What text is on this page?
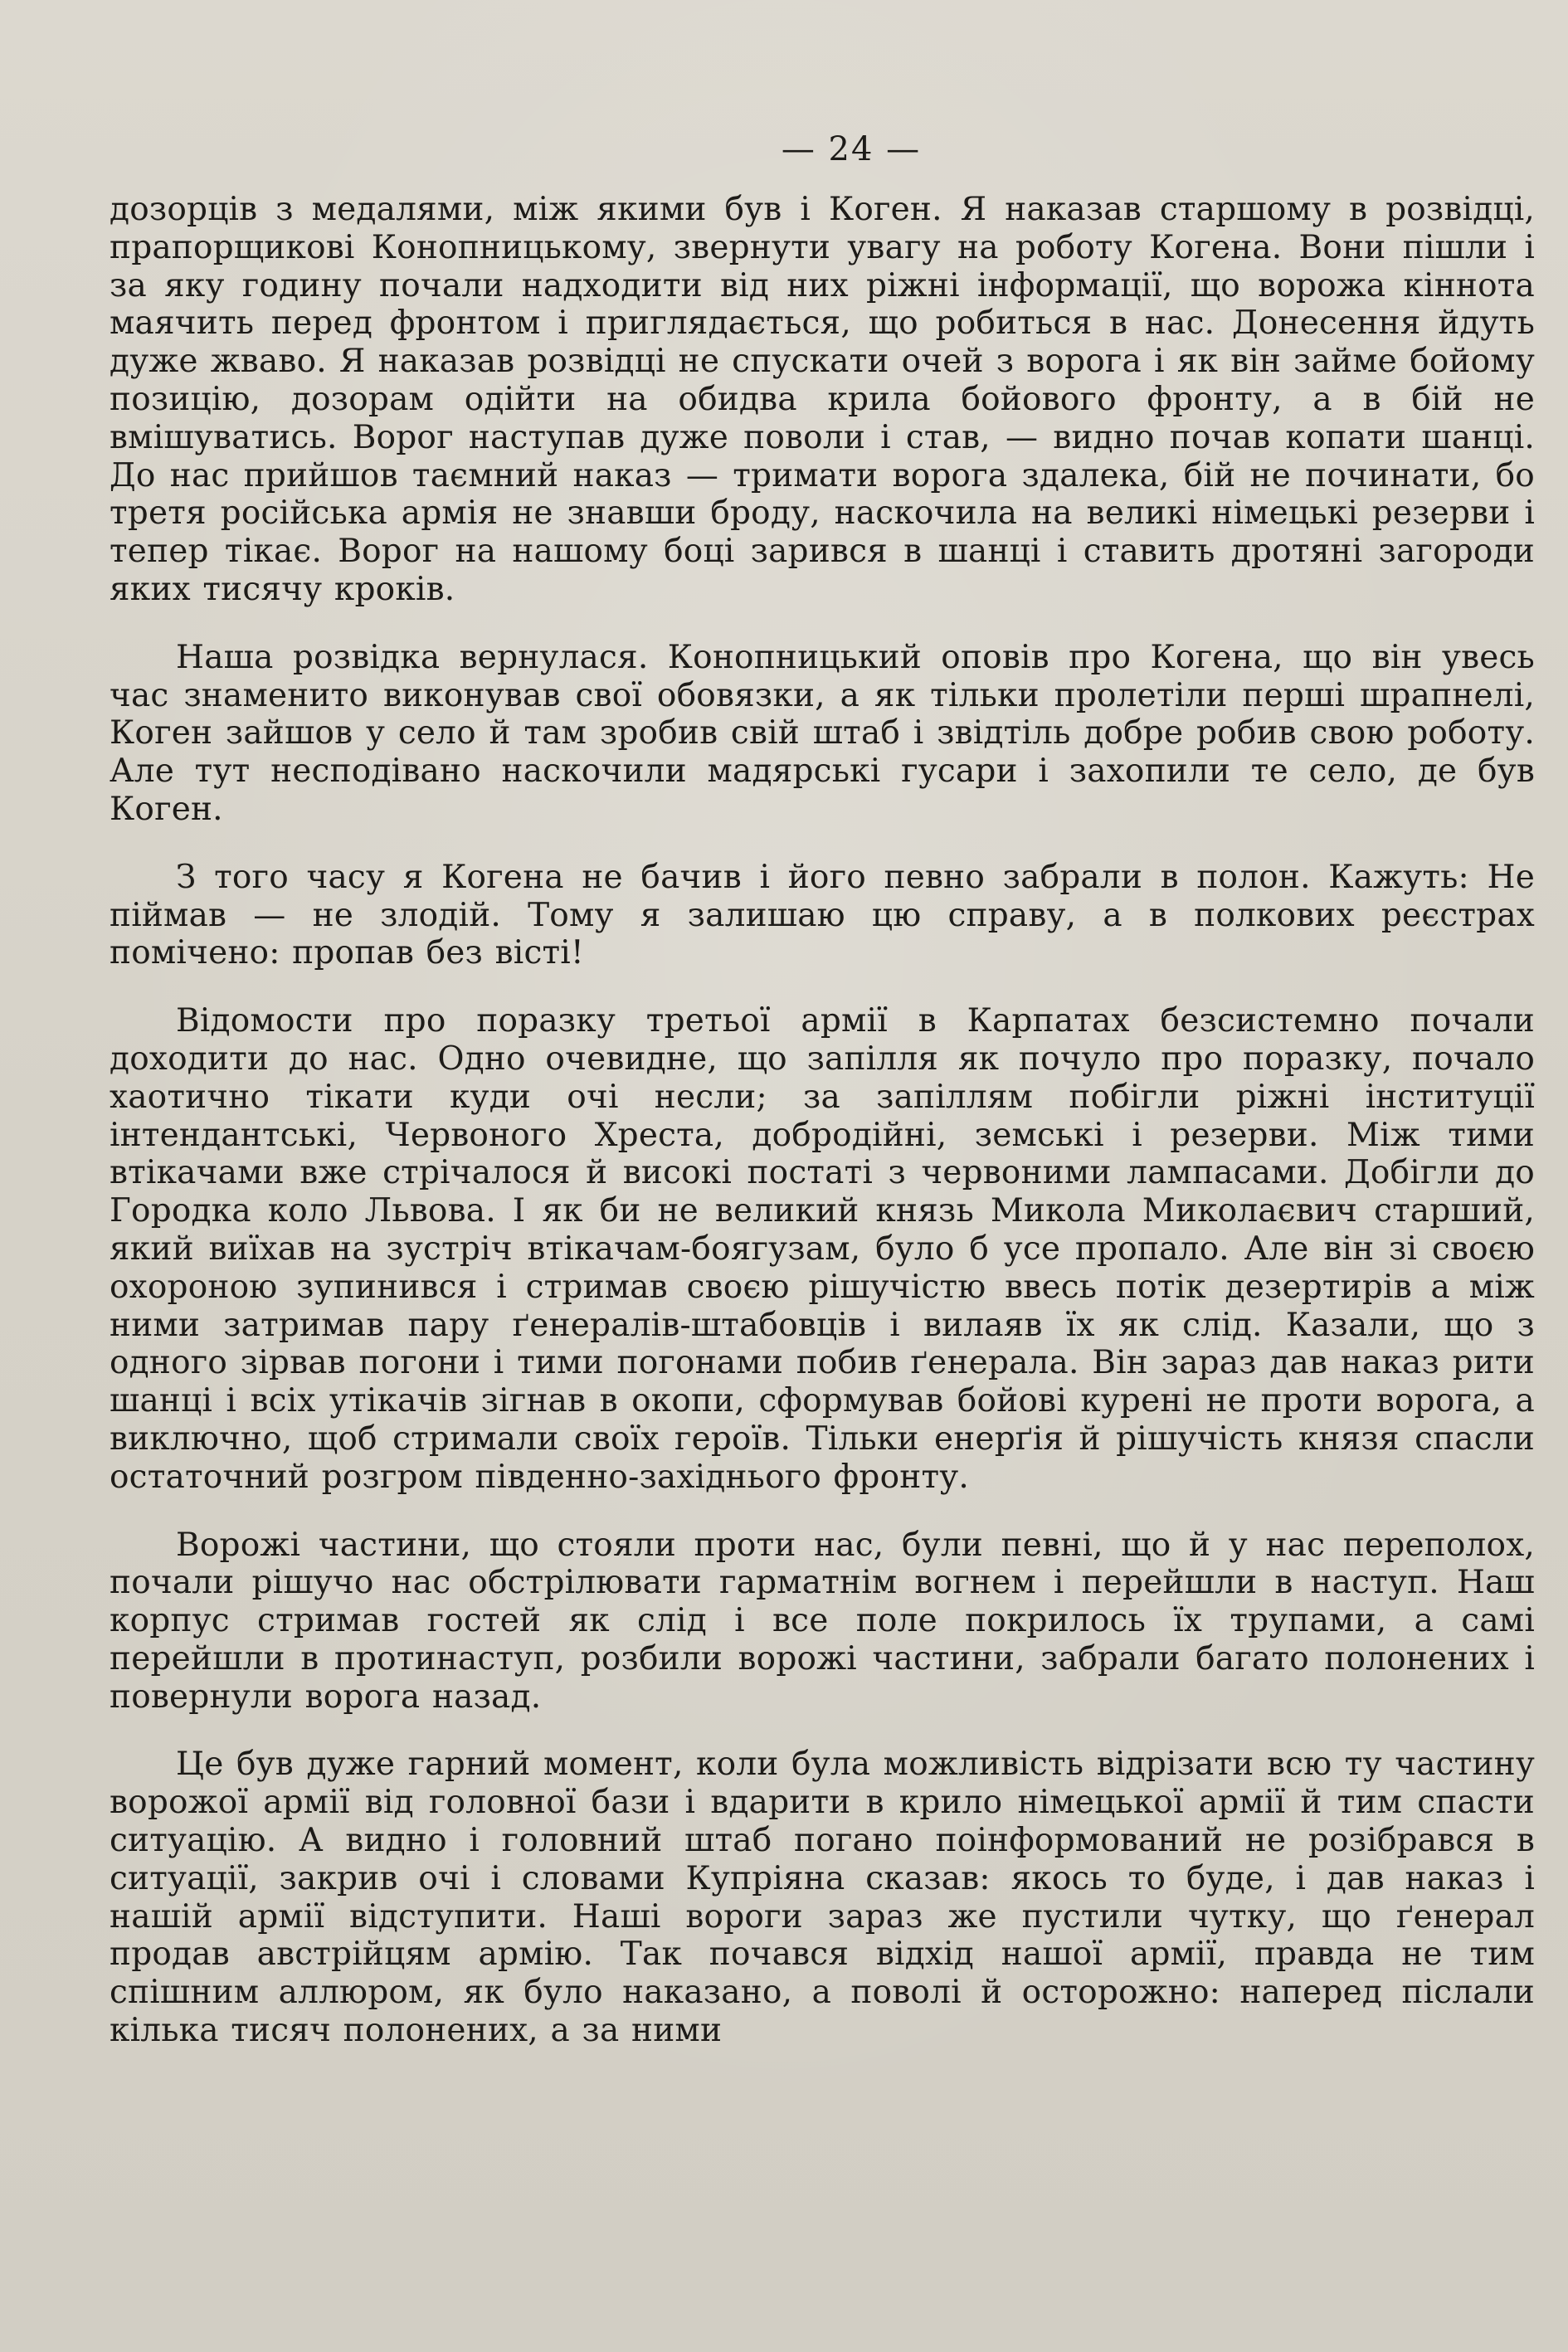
— 24 —

дозорців з медалями, між якими був і Коген. Я наказав старшому в розвідці, прапорщикові Конопницькому, звернути увагу на роботу Когена. Вони пішли і за яку годину почали надходити від них ріжні інформації, що ворожа кіннота маячить перед фронтом і приглядається, що робиться в нас. Донесення йдуть дуже жваво. Я наказав розвідці не спускати очей з ворога і як він займе бойому позицію, дозорам одійти на обидва крила бойового фронту, а в бій не вмішуватись. Ворог наступав дуже поволи і став, — видно почав копати шанці. До нас прийшов таємний наказ — тримати ворога здалека, бій не починати, бо третя російська армія не знавши броду, наскочила на великі німецькі резерви і тепер тікає. Ворог на нашому боці зарився в шанці і ставить дротяні загороди яких тисячу кроків.

Наша розвідка вернулася. Конопницький оповів про Когена, що він увесь час знаменито виконував свої обовязки, а як тільки пролетіли перші шрапнелі, Коген зайшов у село й там зробив свій штаб і звідтіль добре робив свою роботу. Але тут несподівано наскочили мадярські гусари і захопили те село, де був Коген.

З того часу я Когена не бачив і його певно забрали в полон. Кажуть: Не піймав — не злодій. Тому я залишаю цю справу, а в полкових реєстрах помічено: пропав без вісті!

Відомости про поразку третьої армії в Карпатах безсистемно почали доходити до нас. Одно очевидне, що запілля як почуло про поразку, почало хаотично тікати куди очі несли; за запіллям побігли ріжні інституції інтендантські, Червоного Хреста, добродійні, земські і резерви. Між тими втікачами вже стрічалося й високі постаті з червоними лампасами. Добігли до Городка коло Львова. І як би не великий князь Микола Миколаєвич старший, який виїхав на зустріч втікачам-боягузам, було б усе пропало. Але він зі своєю охороною зупинився і стримав своєю рішучістю ввесь потік дезертирів а між ними затримав пару ґенералів-штабовців і вилаяв їх як слід. Казали, що з одного зірвав погони і тими погонами побив ґенерала. Він зараз дав наказ рити шанці і всіх утікачів зігнав в окопи, сформував бойові курені не проти ворога, а виключно, щоб стримали своїх героїв. Тільки енерґія й рішучість князя спасли остаточний розгром південно-західнього фронту.

Ворожі частини, що стояли проти нас, були певні, що й у нас переполох, почали рішучо нас обстрілювати гарматнім вогнем і перейшли в наступ. Наш корпус стримав гостей як слід і все поле покрилось їх трупами, а самі перейшли в протинаступ, розбили ворожі частини, забрали багато полонених і повернули ворога назад.

Це був дуже гарний момент, коли була можливість відрізати всю ту частину ворожої армії від головної бази і вдарити в крило німецької армії й тим спасти ситуацію. А видно і головний штаб погано поінформований не розібрався в ситуації, закрив очі і словами Купріяна сказав: якось то буде, і дав наказ і нашій армії відступити. Наші вороги зараз же пустили чутку, що ґенерал продав австрійцям армію. Так почався відхід нашої армії, правда не тим спішним аллюром, як було наказано, а поволі й осторожно: наперед післали кілька тисяч полонених, а за ними
